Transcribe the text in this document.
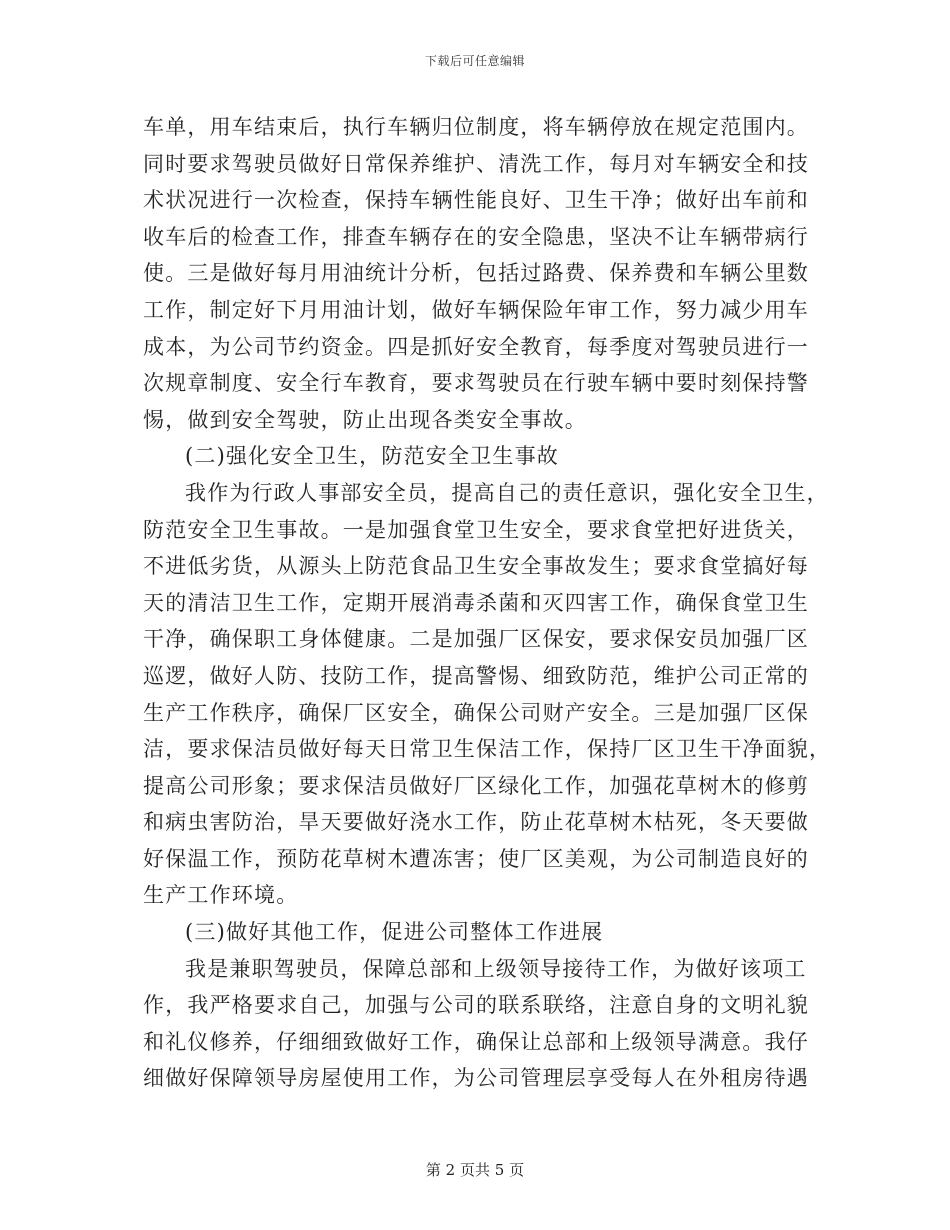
下载后可任意编辑
车单，用车结束后，执行车辆归位制度，将车辆停放在规定范围内。
同时要求驾驶员做好日常保养维护、清洗工作，每月对车辆安全和技
术状况进行一次检查，保持车辆性能良好、卫生干净；做好出车前和
收车后的检查工作，排查车辆存在的安全隐患，坚决不让车辆带病行
使。三是做好每月用油统计分析，包括过路费、保养费和车辆公里数
工作，制定好下月用油计划，做好车辆保险年审工作，努力减少用车
成本，为公司节约资金。四是抓好安全教育，每季度对驾驶员进行一
次规章制度、安全行车教育，要求驾驶员在行驶车辆中要时刻保持警
惕，做到安全驾驶，防止出现各类安全事故。
(二)强化安全卫生，防范安全卫生事故
我作为行政人事部安全员，提高自己的责任意识，强化安全卫生，
防范安全卫生事故。一是加强食堂卫生安全，要求食堂把好进货关，
不进低劣货，从源头上防范食品卫生安全事故发生；要求食堂搞好每
天的清洁卫生工作，定期开展消毒杀菌和灭四害工作，确保食堂卫生
干净，确保职工身体健康。二是加强厂区保安，要求保安员加强厂区
巡逻，做好人防、技防工作，提高警惕、细致防范，维护公司正常的
生产工作秩序，确保厂区安全，确保公司财产安全。三是加强厂区保
洁，要求保洁员做好每天日常卫生保洁工作，保持厂区卫生干净面貌，
提高公司形象；要求保洁员做好厂区绿化工作，加强花草树木的修剪
和病虫害防治，旱天要做好浇水工作，防止花草树木枯死，冬天要做
好保温工作，预防花草树木遭冻害；使厂区美观，为公司制造良好的
生产工作环境。
(三)做好其他工作，促进公司整体工作进展
我是兼职驾驶员，保障总部和上级领导接待工作，为做好该项工
作，我严格要求自己，加强与公司的联系联络，注意自身的文明礼貌
和礼仪修养，仔细细致做好工作，确保让总部和上级领导满意。我仔
细做好保障领导房屋使用工作，为公司管理层享受每人在外租房待遇
第 2 页共 5 页
